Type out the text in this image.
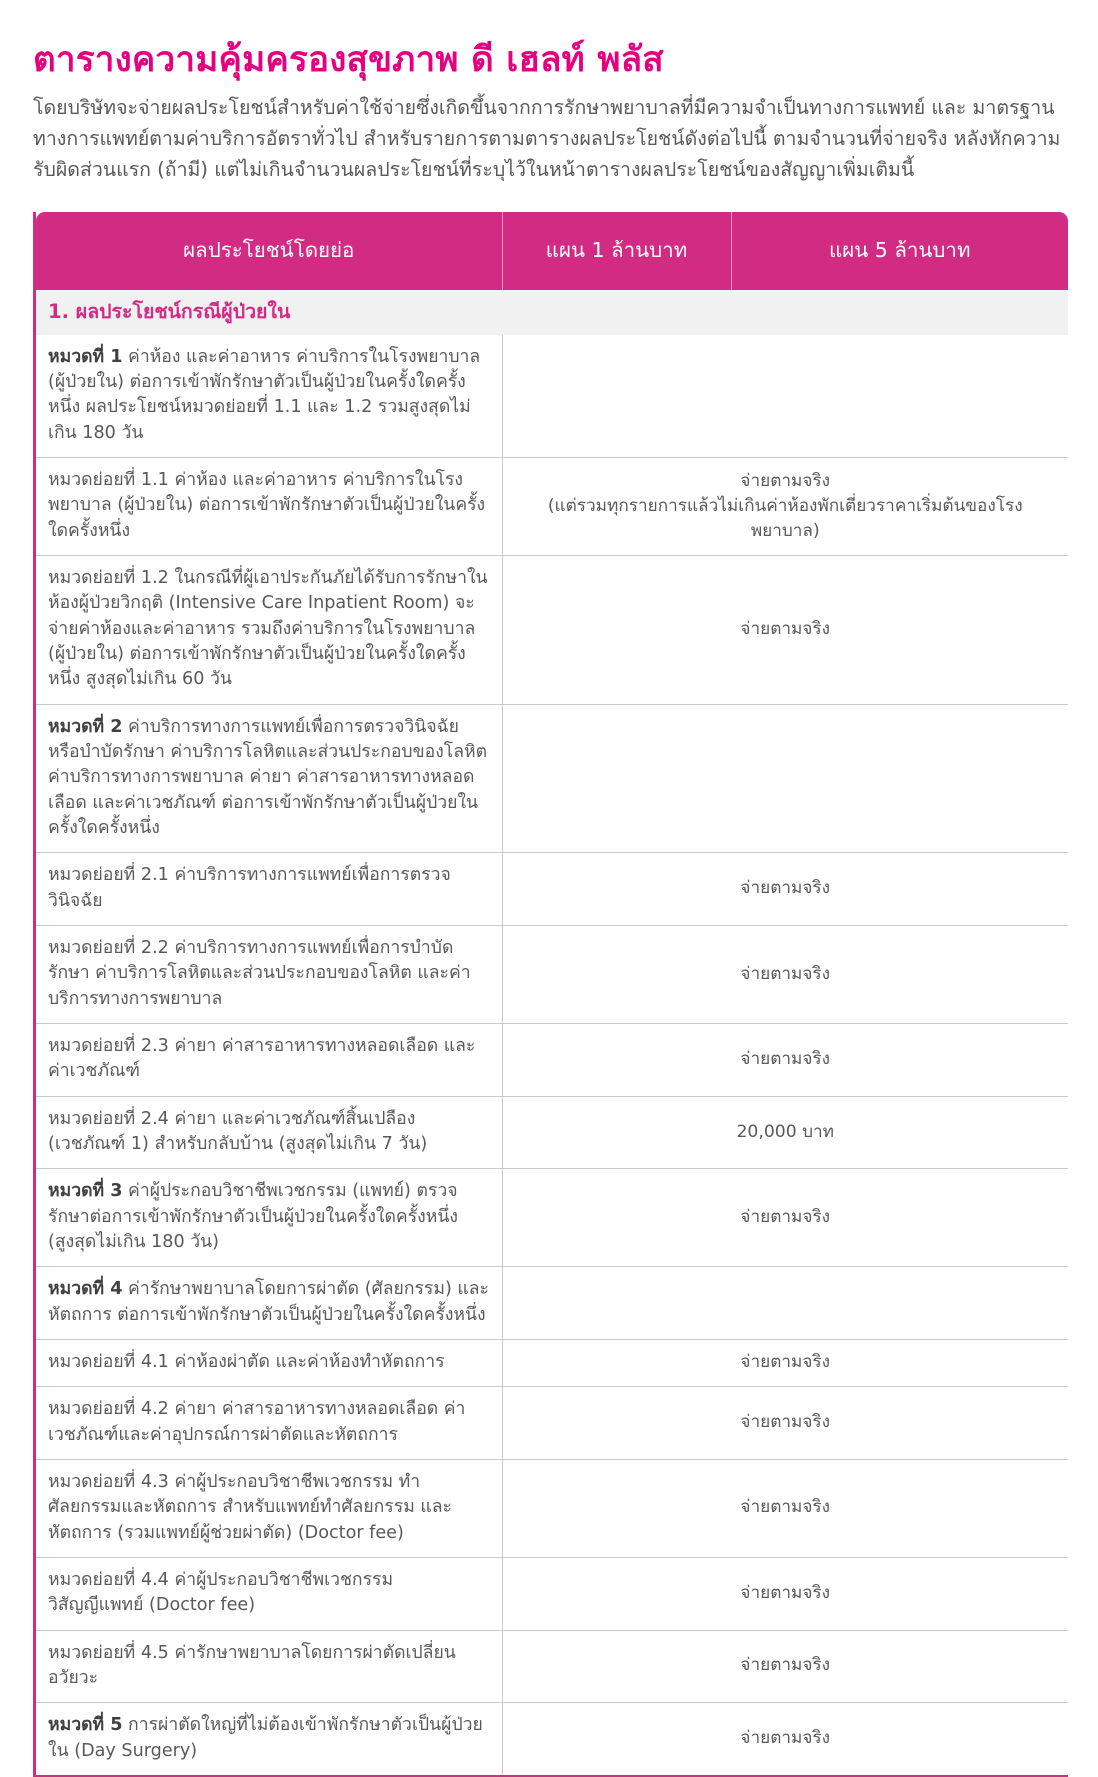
ตารางความคุ้มครองสุขภาพ ดี เฮลท์ พลัส

โดยบริษัทจะจ่ายผลประโยชน์สำหรับค่าใช้จ่ายซึ่งเกิดขึ้นจากการรักษาพยาบาลที่มีความจำเป็นทางการแพทย์ และ มาตรฐานทางการแพทย์ตามค่าบริการอัตราทั่วไป สำหรับรายการตามตารางผลประโยชน์ดังต่อไปนี้ ตามจำนวนที่จ่ายจริง หลังหักความรับผิดส่วนแรก (ถ้ามี) แต่ไม่เกินจำนวนผลประโยชน์ที่ระบุไว้ในหน้าตารางผลประโยชน์ของสัญญาเพิ่มเติมนี้

ผลประโยชน์โดยย่อ	แผน 1 ล้านบาท	แผน 5 ล้านบาท
1. ผลประโยชน์กรณีผู้ป่วยใน		
หมวดที่ 1 ค่าห้อง และค่าอาหาร ค่าบริการในโรงพยาบาล (ผู้ป่วยใน) ต่อการเข้าพักรักษาตัวเป็นผู้ป่วยในครั้งใดครั้งหนึ่ง ผลประโยชน์หมวดย่อยที่ 1.1 และ 1.2 รวมสูงสุดไม่เกิน 180 วัน		
หมวดย่อยที่ 1.1 ค่าห้อง และค่าอาหาร ค่าบริการในโรงพยาบาล (ผู้ป่วยใน) ต่อการเข้าพักรักษาตัวเป็นผู้ป่วยในครั้งใดครั้งหนึ่ง	จ่ายตามจริง
(แต่รวมทุกรายการแล้วไม่เกินค่าห้องพักเตี่ยวราคาเริ่มต้นของโรงพยาบาล)	

หมวดย่อยที่ 1.2 ในกรณีที่ผู้เอาประกันภัยได้รับการรักษาในห้องผู้ป่วยวิกฤติ (Intensive Care Inpatient Room) จะจ่ายค่าห้องและค่าอาหาร รวมถึงค่าบริการในโรงพยาบาล (ผู้ป่วยใน) ต่อการเข้าพักรักษาตัวเป็นผู้ป่วยในครั้งใดครั้งหนึ่ง สูงสุดไม่เกิน 60 วัน	จ่ายตามจริง	
หมวดที่ 2 ค่าบริการทางการแพทย์เพื่อการตรวจวินิจฉัยหรือบำบัดรักษา ค่าบริการโลหิตและส่วนประกอบของโลหิต ค่าบริการทางการพยาบาล ค่ายา ค่าสารอาหารทางหลอดเลือด และค่าเวชภัณฑ์ ต่อการเข้าพักรักษาตัวเป็นผู้ป่วยในครั้งใดครั้งหนึ่ง		
หมวดย่อยที่ 2.1 ค่าบริการทางการแพทย์เพื่อการตรวจวินิจฉัย	จ่ายตามจริง	
หมวดย่อยที่ 2.2 ค่าบริการทางการแพทย์เพื่อการบำบัดรักษา ค่าบริการโลหิตและส่วนประกอบของโลหิต และค่าบริการทางการพยาบาล	จ่ายตามจริง	
หมวดย่อยที่ 2.3 ค่ายา ค่าสารอาหารทางหลอดเลือด และค่าเวชภัณฑ์	จ่ายตามจริง	
หมวดย่อยที่ 2.4 ค่ายา และค่าเวชภัณฑ์สิ้นเปลือง (เวชภัณฑ์ 1) สำหรับกลับบ้าน (สูงสุดไม่เกิน 7 วัน)	20,000 บาท	
หมวดที่ 3 ค่าผู้ประกอบวิชาชีพเวชกรรม (แพทย์) ตรวจรักษาต่อการเข้าพักรักษาตัวเป็นผู้ป่วยในครั้งใดครั้งหนึ่ง (สูงสุดไม่เกิน 180 วัน)	จ่ายตามจริง	
หมวดที่ 4 ค่ารักษาพยาบาลโดยการผ่าตัด (ศัลยกรรม) และหัตถการ ต่อการเข้าพักรักษาตัวเป็นผู้ป่วยในครั้งใดครั้งหนึ่ง		
หมวดย่อยที่ 4.1 ค่าห้องผ่าตัด และค่าห้องทำหัตถการ	จ่ายตามจริง	
หมวดย่อยที่ 4.2 ค่ายา ค่าสารอาหารทางหลอดเลือด ค่าเวชภัณฑ์และค่าอุปกรณ์การผ่าตัดและหัตถการ	จ่ายตามจริง	
หมวดย่อยที่ 4.3 ค่าผู้ประกอบวิชาชีพเวชกรรม ทำศัลยกรรมและหัตถการ สำหรับแพทย์ทำศัลยกรรม และหัตถการ (รวมแพทย์ผู้ช่วยผ่าตัด) (Doctor fee)	จ่ายตามจริง	
หมวดย่อยที่ 4.4 ค่าผู้ประกอบวิชาชีพเวชกรรม วิสัญญีแพทย์ (Doctor fee)	จ่ายตามจริง	
หมวดย่อยที่ 4.5 ค่ารักษาพยาบาลโดยการผ่าตัดเปลี่ยนอวัยวะ	จ่ายตามจริง	
หมวดที่ 5 การผ่าตัดใหญ่ที่ไม่ต้องเข้าพักรักษาตัวเป็นผู้ป่วยใน (Day Surgery)	จ่ายตามจริง	
